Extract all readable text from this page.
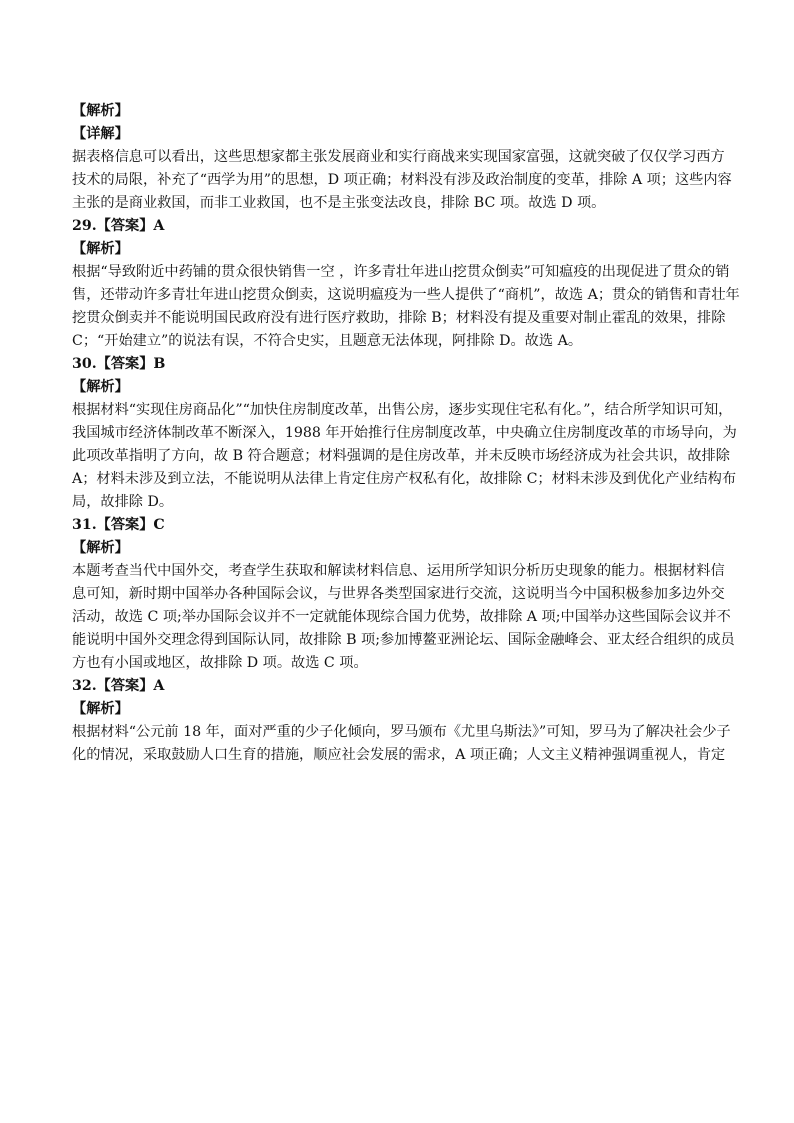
【解析】
【详解】
据表格信息可以看出，这些思想家都主张发展商业和实行商战来实现国家富强，这就突破了仅仅学习西方
技术的局限，补充了“西学为用”的思想，D 项正确；材料没有涉及政治制度的变革，排除 A 项；这些内容
主张的是商业救国，而非工业救国，也不是主张变法改良，排除 BC 项。故选 D 项。
29.【答案】A
【解析】
根据“导致附近中药铺的贯众很快销售一空 ，许多青壮年进山挖贯众倒卖”可知瘟疫的出现促进了贯众的销
售，还带动许多青壮年进山挖贯众倒卖，这说明瘟疫为一些人提供了“商机”，故选 A；贯众的销售和青壮年
挖贯众倒卖并不能说明国民政府没有进行医疗救助，排除 B；材料没有提及重要对制止霍乱的效果，排除
C；“开始建立”的说法有误，不符合史实，且题意无法体现，阿排除 D。故选 A。
30.【答案】B
【解析】
根据材料“实现住房商品化”“加快住房制度改革，出售公房，逐步实现住宅私有化。”，结合所学知识可知，
我国城市经济体制改革不断深入，1988 年开始推行住房制度改革，中央确立住房制度改革的市场导向，为
此项改革指明了方向，故 B 符合题意；材料强调的是住房改革，并未反映市场经济成为社会共识，故排除
A；材料未涉及到立法，不能说明从法律上肯定住房产权私有化，故排除 C；材料未涉及到优化产业结构布
局，故排除 D。
31.【答案】C
【解析】
本题考查当代中国外交，考查学生获取和解读材料信息、运用所学知识分析历史现象的能力。根据材料信
息可知，新时期中国举办各种国际会议，与世界各类型国家进行交流，这说明当今中国积极参加多边外交
活动，故选 C 项;举办国际会议并不一定就能体现综合国力优势，故排除 A 项;中国举办这些国际会议并不
能说明中国外交理念得到国际认同，故排除 B 项;参加博鳌亚洲论坛、国际金融峰会、亚太经合组织的成员
方也有小国或地区，故排除 D 项。故选 C 项。
32.【答案】A
【解析】
根据材料“公元前 18 年，面对严重的少子化倾向，罗马颁布《尤里乌斯法》”可知，罗马为了解决社会少子
化的情况，采取鼓励人口生育的措施，顺应社会发展的需求，A 项正确；人文主义精神强调重视人，肯定
